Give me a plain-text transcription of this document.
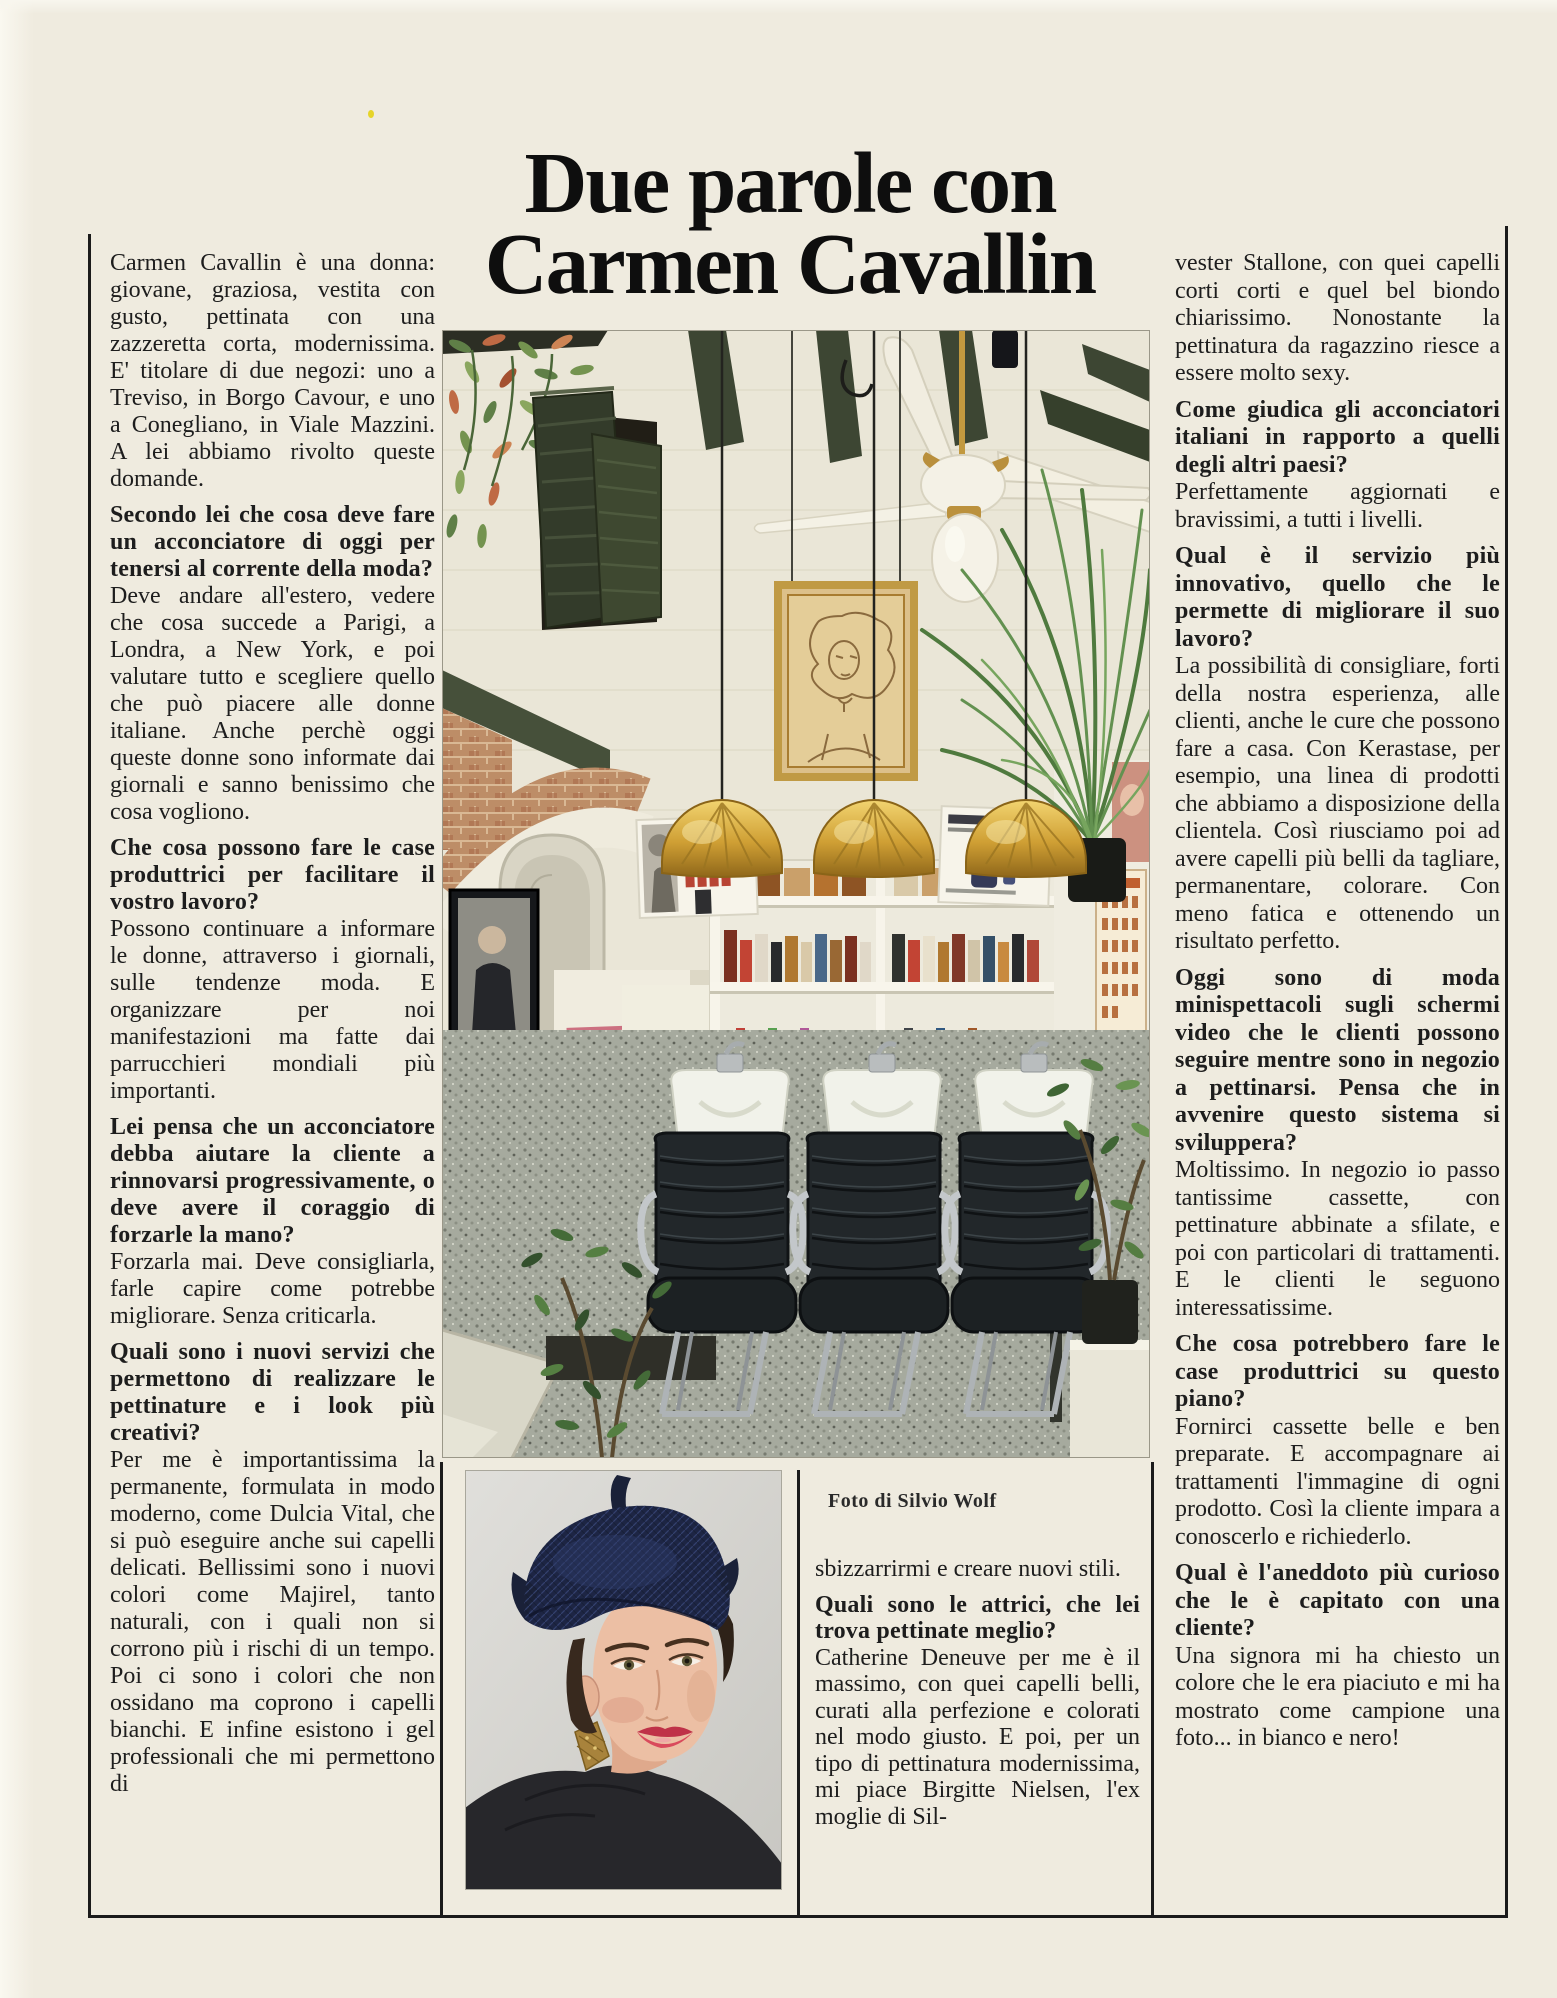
Due parole con
Carmen Cavallin

Carmen Cavallin è una donna: giovane, graziosa, vestita con gusto, pettinata con una zazzeretta corta, modernissima. E' titolare di due negozi: uno a Treviso, in Borgo Cavour, e uno a Conegliano, in Viale Mazzini. A lei abbiamo rivolto queste domande.

Secondo lei che cosa deve fare un acconciatore di oggi per tenersi al corrente della moda?

Deve andare all'estero, vedere che cosa succede a Parigi, a Londra, a New York, e poi valutare tutto e scegliere quello che può piacere alle donne italiane. Anche perchè oggi queste donne sono informate dai giornali e sanno benissimo che cosa vogliono.

Che cosa possono fare le case produttrici per facilitare il vostro lavoro?

Possono continuare a informare le donne, attraverso i giornali, sulle tendenze moda. E organizzare per noi manifestazioni ma fatte dai parrucchieri mondiali più importanti.

Lei pensa che un acconciatore debba aiutare la cliente a rinnovarsi progressivamente, o deve avere il coraggio di forzarle la mano?

Forzarla mai. Deve consigliarla, farle capire come potrebbe migliorare. Senza criticarla.

Quali sono i nuovi servizi che permettono di realizzare le pettinature e i look più creativi?

Per me è importantissima la permanente, formulata in modo moderno, come Dulcia Vital, che si può eseguire anche sui capelli delicati. Bellissimi sono i nuovi colori come Majirel, tanto naturali, con i quali non si corrono più i rischi di un tempo. Poi ci sono i colori che non ossidano ma coprono i capelli bianchi. E infine esistono i gel professionali che mi permettono di

vester Stallone, con quei capelli corti corti e quel bel biondo chiarissimo. Nonostante la pettinatura da ragazzino riesce a essere molto sexy.

Come giudica gli acconciatori italiani in rapporto a quelli degli altri paesi?

Perfettamente aggiornati e bravissimi, a tutti i livelli.

Qual è il servizio più innovativo, quello che le permette di migliorare il suo lavoro?

La possibilità di consigliare, forti della nostra esperienza, alle clienti, anche le cure che possono fare a casa. Con Kerastase, per esempio, una linea di prodotti che abbiamo a disposizione della clientela. Così riusciamo poi ad avere capelli più belli da tagliare, permanentare, colorare. Con meno fatica e ottenendo un risultato perfetto.

Oggi sono di moda minispettacoli sugli schermi video che le clienti possono seguire mentre sono in negozio a pettinarsi. Pensa che in avvenire questo sistema si sviluppera?

Moltissimo. In negozio io passo tantissime cassette, con pettinature abbinate a sfilate, e poi con particolari di trattamenti. E le clienti le seguono interessatissime.

Che cosa potrebbero fare le case produttrici su questo piano?

Fornirci cassette belle e ben preparate. E accompagnare ai trattamenti l'immagine di ogni prodotto. Così la cliente impara a conoscerlo e richiederlo.

Qual è l'aneddoto più curioso che le è capitato con una cliente?

Una signora mi ha chiesto un colore che le era piaciuto e mi ha mostrato come campione una foto... in bianco e nero!

Foto di Silvio Wolf

sbizzarrirmi e creare nuovi stili.

Quali sono le attrici, che lei trova pettinate meglio?

Catherine Deneuve per me è il massimo, con quei capelli belli, curati alla perfezione e colorati nel modo giusto. E poi, per un tipo di pettinatura modernissima, mi piace Birgitte Nielsen, l'ex moglie di Sil-
